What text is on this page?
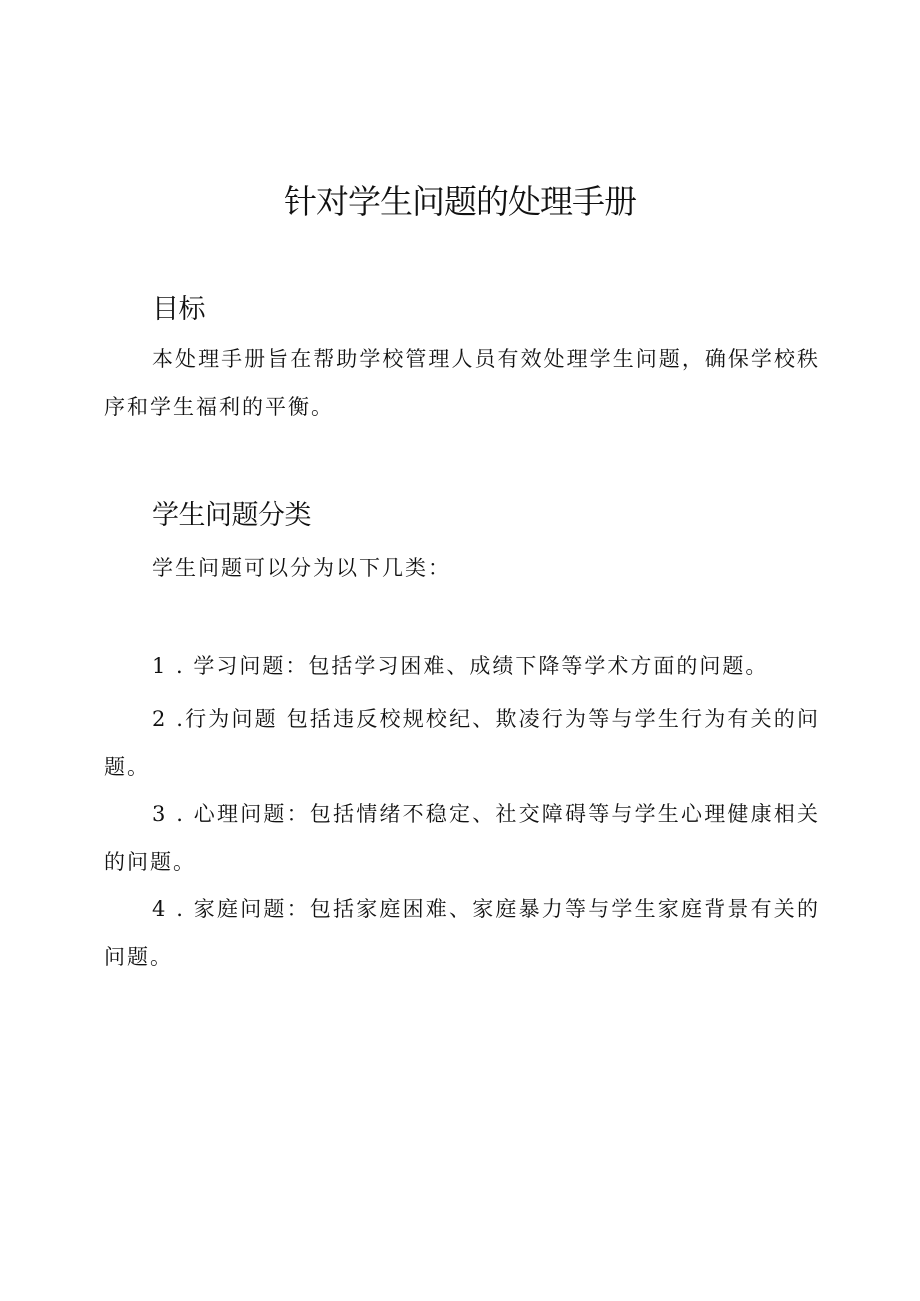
针对学生问题的处理手册
目标

本处理手册旨在帮助学校管理人员有效处理学生问题，确保学校秩序和学生福利的平衡。

学生问题分类

学生问题可以分为以下几类：

1 . 学习问题：包括学习困难、成绩下降等学术方面的问题。

2 .行为问题 包括违反校规校纪、欺凌行为等与学生行为有关的问题。

3 . 心理问题：包括情绪不稳定、社交障碍等与学生心理健康相关的问题。

4 . 家庭问题：包括家庭困难、家庭暴力等与学生家庭背景有关的问题。
